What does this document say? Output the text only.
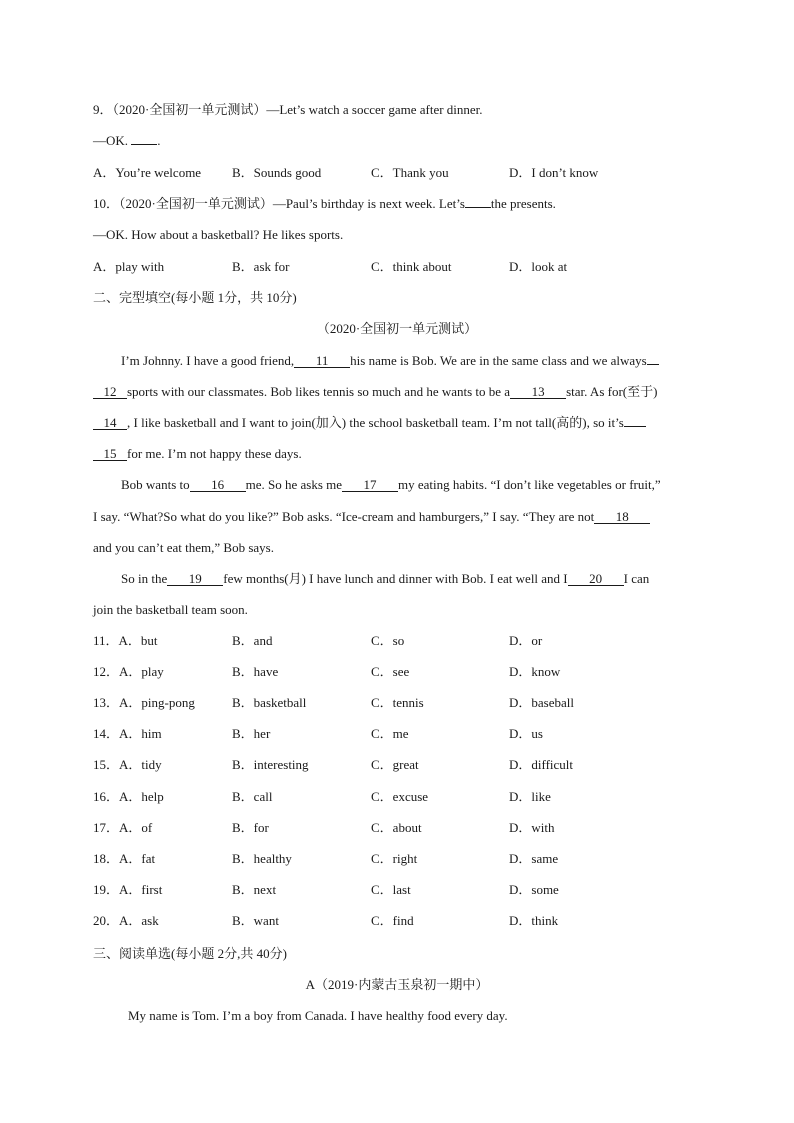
9．（2020·全国初一单元测试）—Let’s watch a soccer game after dinner.
—OK. .
A．You’re welcome B．Sounds good	C．Thank you	D．I don’t know
10．（2020·全国初一单元测试）—Paul’s birthday is next week. Let’s the presents.
—OK. How about a basketball? He likes sports.
A．play with	B．ask for	C．think about	D．look at
二、完型填空(每小题 1分，共 10分)
（2020·全国初一单元测试）
I’m Johnny. I have a good friend, 11 his name is Bob. We are in the same class and we always
12 sports with our classmates. Bob likes tennis so much and he wants to be a 13 star. As for(至于)
14 , I like basketball and I want to join(加入) the school basketball team. I’m not tall(高的), so it’s
15 for me. I’m not happy these days.
Bob wants to 16 me. So he asks me 17 my eating habits. “I don’t like vegetables or fruit,”
I say. “What?So what do you like?” Bob asks. “Ice-cream and hamburgers,” I say. “They are not 18
and you can’t eat them,” Bob says.
So in the 19 few months(月) I have lunch and dinner with Bob. I eat well and I 20 I can
join the basketball team soon.
11．A．but	B．and	C．so	D．or
12．A．play	B．have	C．see	D．know
13．A．ping-pong	B．basketball	C．tennis	D．baseball
14．A．him	B．her	C．me	D．us
15．A．tidy	B．interesting	C．great	D．difficult
16．A．help	B．call	C．excuse	D．like
17．A．of	B．for	C．about	D．with
18．A．fat	B．healthy	C．right	D．same
19．A．first	B．next	C．last	D．some
20．A．ask	B．want	C．find	D．think
三、阅读单选(每小题 2分,共 40分)
A（2019·内蒙古玉泉初一期中）
My name is Tom. I’m a boy from Canada. I have healthy food every day.
